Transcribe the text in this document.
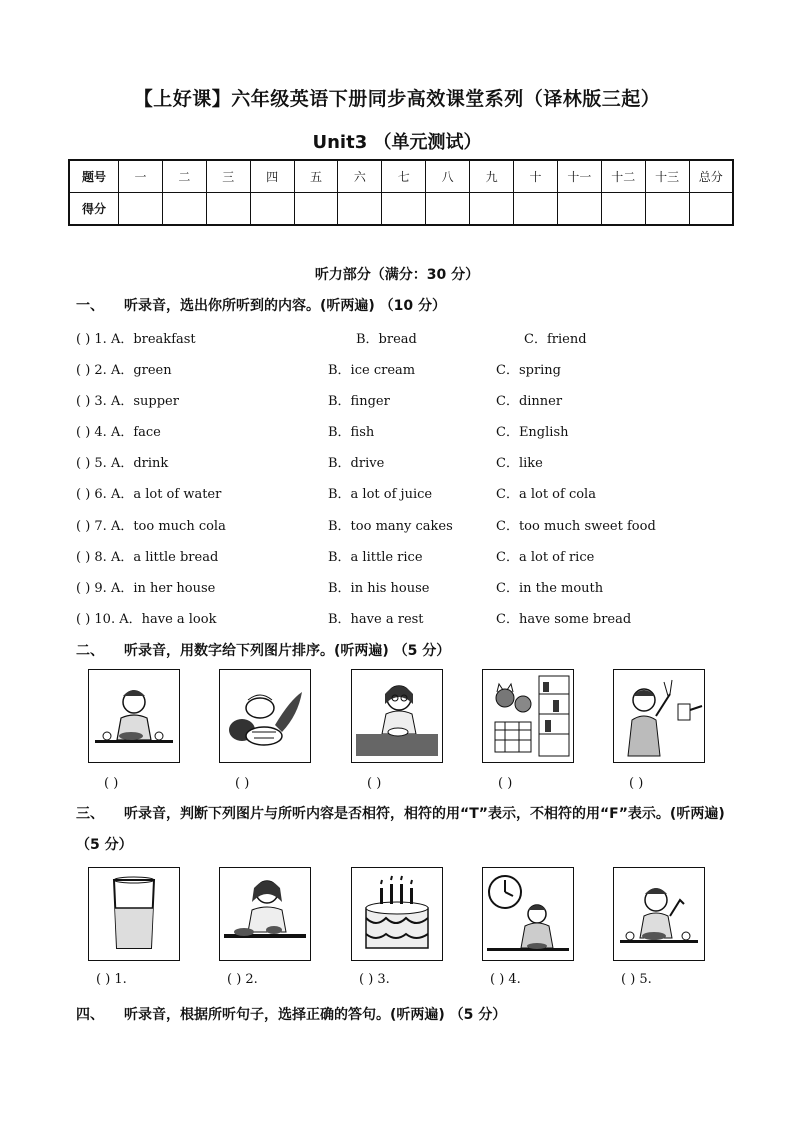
【上好课】六年级英语下册同步高效课堂系列（译林版三起）
Unit3 （单元测试）
题号	一	二	三	四	五	六	七	八	九	十	十一	十二	十三	总分
得分														
听力部分（满分：30 分）
一、 听录音，选出你所听到的内容。(听两遍) （10 分）
( ) 1. A．breakfast	B．bread	C．friend
( ) 2. A．green	B．ice cream	C．spring
( ) 3. A．supper	B．finger	C．dinner
( ) 4. A．face	B．fish	C．English
( ) 5. A．drink	B．drive	C．like
( ) 6. A．a lot of water	B．a lot of juice	C．a lot of cola
( ) 7. A．too much cola	B．too many cakes	C．too much sweet food
( ) 8. A．a little bread	B．a little rice	C．a lot of rice
( ) 9. A．in her house	B．in his house	C．in the mouth
( ) 10. A．have a look	B．have a rest	C．have some bread
二、 听录音，用数字给下列图片排序。(听两遍) （5 分）
( )	( )	( )	( )	( )
三、 听录音，判断下列图片与所听内容是否相符，相符的用“T”表示，不相符的用“F”表示。(听两遍) （5 分）
( ) 1.	( ) 2.	( ) 3.	( ) 4.	( ) 5.
四、 听录音，根据所听句子，选择正确的答句。(听两遍) （5 分）
